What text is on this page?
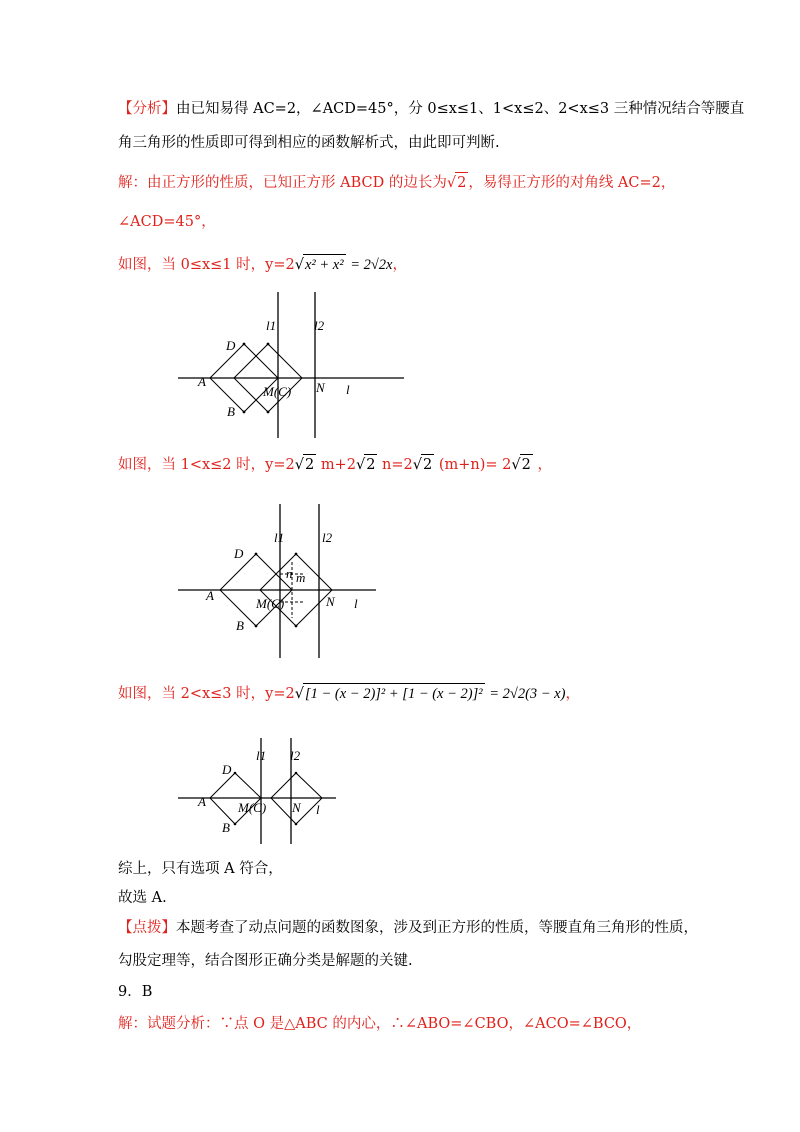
【分析】由已知易得 AC=2，∠ACD=45°，分 0≤x≤1、1<x≤2、2<x≤3 三种情况结合等腰直
角三角形的性质即可得到相应的函数解析式，由此即可判断.
解：由正方形的性质，已知正方形 ABCD 的边长为√2 ，易得正方形的对角线 AC=2，
∠ACD=45°，
如图，当 0≤x≤1 时，y=2√x² + x² = 2√2x，
A
D
B
M(C) N l
l1	l2
如图，当 1<x≤2 时，y=2√2 m+2√2 n=2√2 (m+n)= 2√2 ，
A
D
B
M(C)	N l
l1	l2
n m
如图，当 2<x≤3 时，y=2√[1 − (x − 2)]² + [1 − (x − 2)]² = 2√2(3 − x)，
A
D
B
M(C) N l
l1 l2
综上，只有选项 A 符合，
故选 A.
【点拨】本题考查了动点问题的函数图象，涉及到正方形的性质，等腰直角三角形的性质，
勾股定理等，结合图形正确分类是解题的关键.
9．B
解：试题分析：∵点 O 是△ABC 的内心，∴∠ABO=∠CBO，∠ACO=∠BCO，
